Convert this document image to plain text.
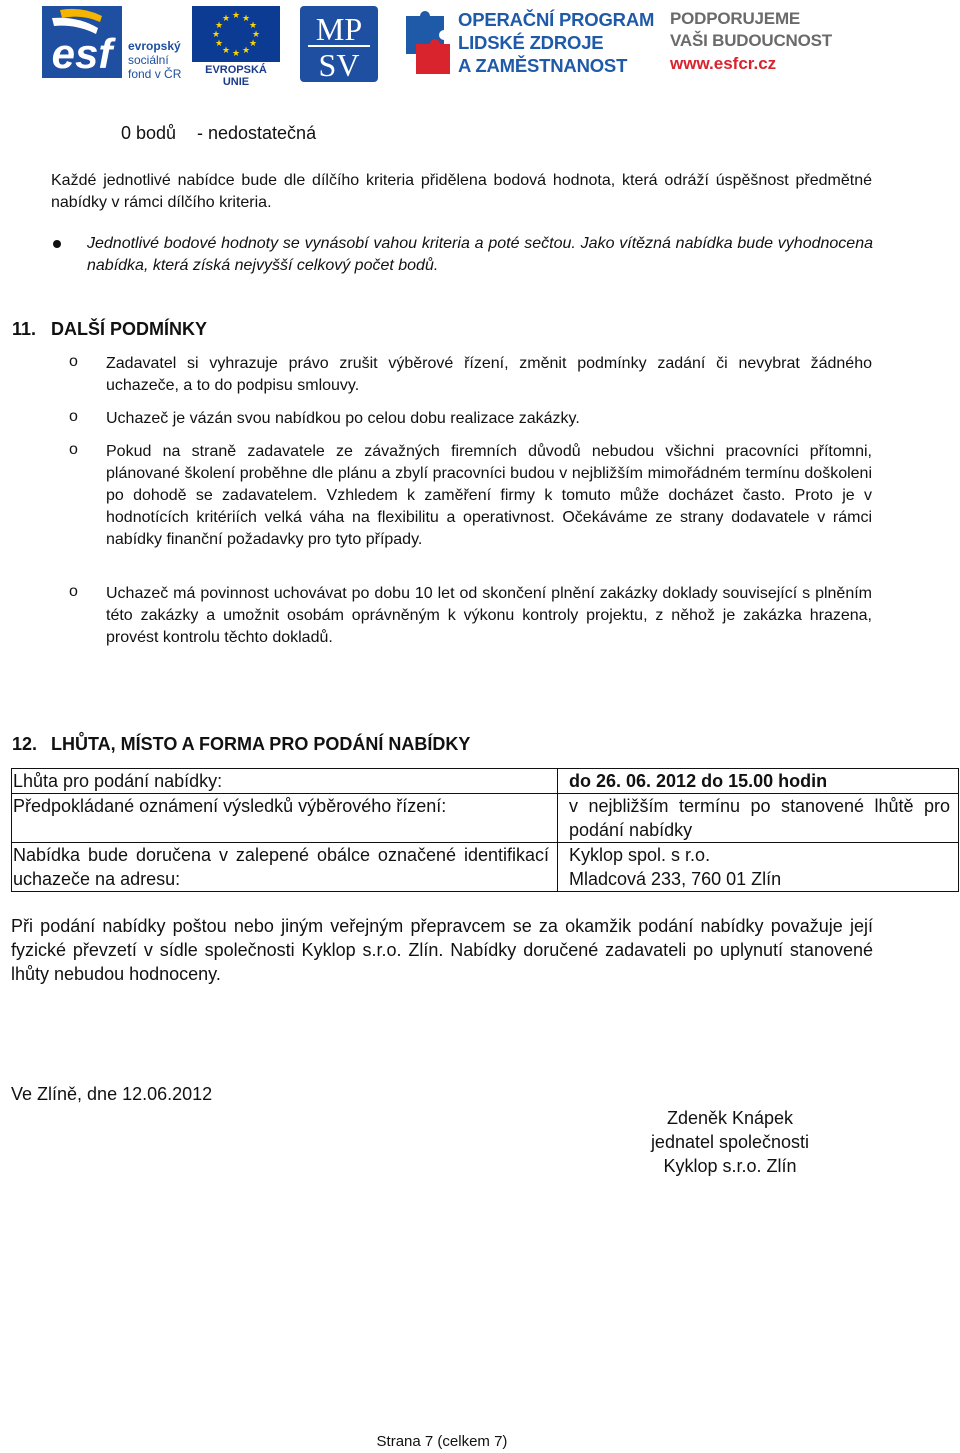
esf	evropský
sociální
fond v ČR
★ ★
★
★
★
★
★
★
★
★
★
★
EVROPSKÁ UNIE
MP
SV
OPERAČNÍ PROGRAM
LIDSKÉ ZDROJE
A ZAMĚSTNANOST
PODPORUJEME
VAŠI BUDOUCNOST
www.esfcr.cz
0 bodů - nedostatečná
Každé jednotlivé nabídce bude dle dílčího kriteria přidělena bodová hodnota, která odráží úspěšnost předmětné nabídky v rámci dílčího kriteria.
Jednotlivé bodové hodnoty se vynásobí vahou kriteria a poté sečtou. Jako vítězná nabídka bude vyhodnocena nabídka, která získá nejvyšší celkový počet bodů.
11. DALŠÍ PODMÍNKY
o Zadavatel si vyhrazuje právo zrušit výběrové řízení, změnit podmínky zadání či nevybrat žádného uchazeče, a to do podpisu smlouvy.
o Uchazeč je vázán svou nabídkou po celou dobu realizace zakázky.
o Pokud na straně zadavatele ze závažných firemních důvodů nebudou všichni pracovníci přítomni, plánované školení proběhne dle plánu a zbylí pracovníci budou v nejbližším mimořádném termínu doškoleni po dohodě se zadavatelem. Vzhledem k zaměření firmy k tomuto může docházet často. Proto je v hodnotících kritériích velká váha na flexibilitu a operativnost. Očekáváme ze strany dodavatele v rámci nabídky finanční požadavky pro tyto případy.
o Uchazeč má povinnost uchovávat po dobu 10 let od skončení plnění zakázky doklady související s plněním této zakázky a umožnit osobám oprávněným k výkonu kontroly projektu, z něhož je zakázka hrazena, provést kontrolu těchto dokladů.
12. LHŮTA, MÍSTO A FORMA PRO PODÁNÍ NABÍDKY
Lhůta pro podání nabídky:	do 26. 06. 2012 do 15.00 hodin
Předpokládané oznámení výsledků výběrového řízení:	v nejbližším termínu po stanovené lhůtě pro podání nabídky
Nabídka bude doručena v zalepené obálce označené identifikací uchazeče na adresu:	Kyklop spol. s r.o.
Mladcová 233, 760 01 Zlín
Při podání nabídky poštou nebo jiným veřejným přepravcem se za okamžik podání nabídky považuje její fyzické převzetí v sídle společnosti Kyklop s.r.o. Zlín. Nabídky doručené zadavateli po uplynutí stanovené lhůty nebudou hodnoceny.
Ve Zlíně, dne 12.06.2012
Zdeněk Knápek
jednatel společnosti
Kyklop s.r.o. Zlín
Strana 7 (celkem 7)
